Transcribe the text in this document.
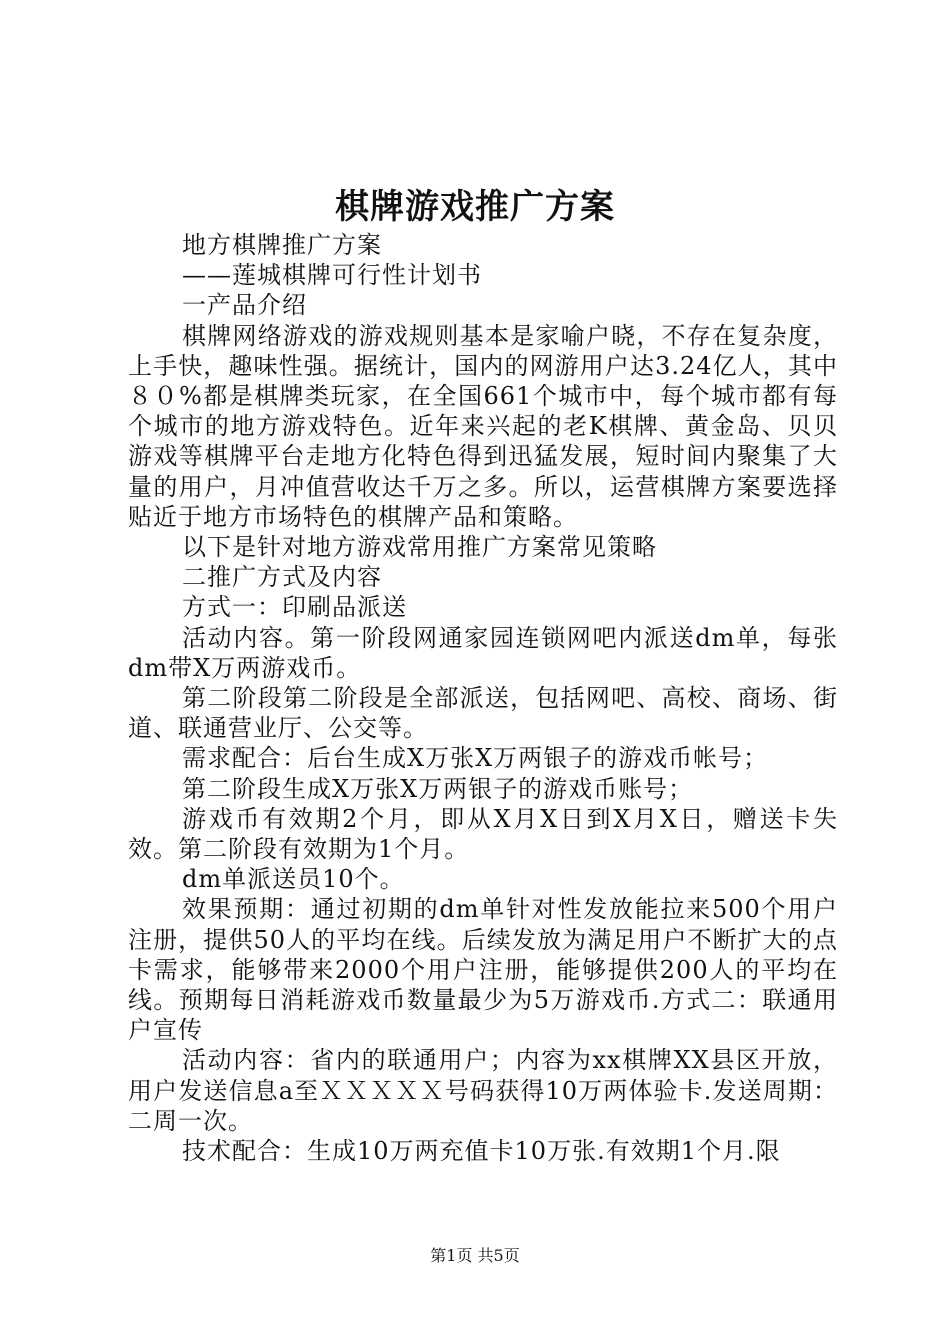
棋牌游戏推广方案

地方棋牌推广方案

——莲城棋牌可行性计划书

一产品介绍

棋牌网络游戏的游戏规则基本是家喻户晓，不存在复杂度，上手快，趣味性强。据统计，国内的网游用户达3.24亿人，其中８０%都是棋牌类玩家，在全国661个城市中，每个城市都有每个城市的地方游戏特色。近年来兴起的老K棋牌、黄金岛、贝贝游戏等棋牌平台走地方化特色得到迅猛发展，短时间内聚集了大量的用户，月冲值营收达千万之多。所以，运营棋牌方案要选择贴近于地方市场特色的棋牌产品和策略。

以下是针对地方游戏常用推广方案常见策略

二推广方式及内容

方式一：印刷品派送

活动内容。第一阶段网通家园连锁网吧内派送dm单，每张dm带X万两游戏币。

第二阶段第二阶段是全部派送，包括网吧、高校、商场、街道、联通营业厅、公交等。

需求配合：后台生成X万张X万两银子的游戏币帐号；

第二阶段生成X万张X万两银子的游戏币账号；

游戏币有效期2个月，即从X月X日到X月X日，赠送卡失效。第二阶段有效期为1个月。

dm单派送员10个。

效果预期：通过初期的dm单针对性发放能拉来500个用户注册，提供50人的平均在线。后续发放为满足用户不断扩大的点卡需求，能够带来2000个用户注册，能够提供200人的平均在线。预期每日消耗游戏币数量最少为5万游戏币.方式二：联通用户宣传

活动内容：省内的联通用户；内容为xx棋牌XX县区开放，用户发送信息a至ＸＸＸＸＸ号码获得10万两体验卡.发送周期：二周一次。

技术配合：生成10万两充值卡10万张.有效期1个月.限

第1页 共5页
